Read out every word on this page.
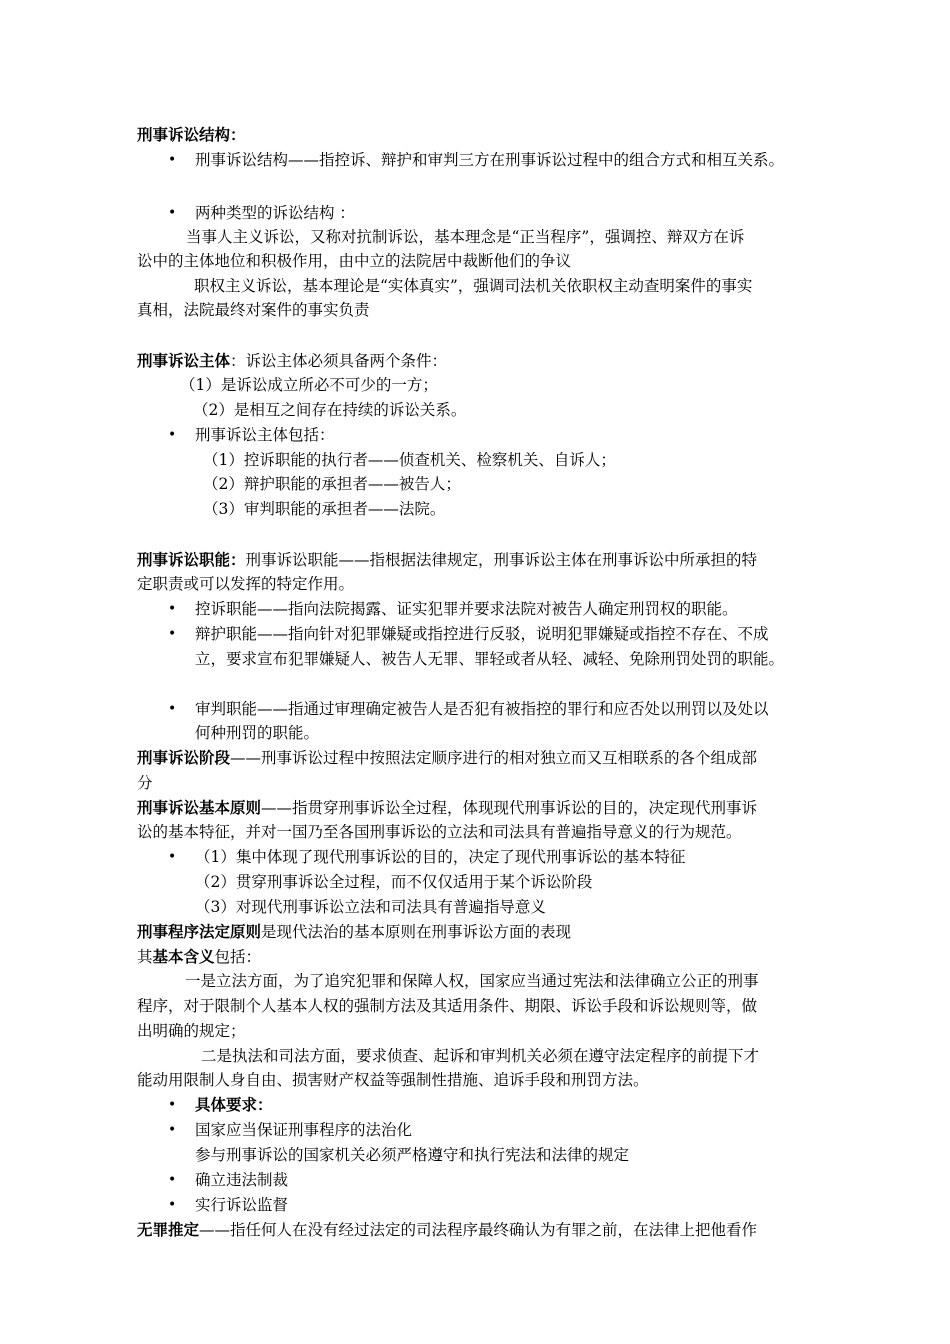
刑事诉讼结构：
• 刑事诉讼结构——指控诉、辩护和审判三方在刑事诉讼过程中的组合方式和相互关系。
• 两种类型的诉讼结构 ：
当事人主义诉讼，又称对抗制诉讼，基本理念是“正当程序”，强调控、辩双方在诉
讼中的主体地位和积极作用，由中立的法院居中裁断他们的争议
职权主义诉讼，基本理论是“实体真实”，强调司法机关依职权主动查明案件的事实
真相，法院最终对案件的事实负责
刑事诉讼主体：诉讼主体必须具备两个条件：
（1）是诉讼成立所必不可少的一方；
（2）是相互之间存在持续的诉讼关系。
• 刑事诉讼主体包括：
（1）控诉职能的执行者——侦查机关、检察机关、自诉人；
（2）辩护职能的承担者——被告人；
（3）审判职能的承担者——法院。
刑事诉讼职能：刑事诉讼职能——指根据法律规定，刑事诉讼主体在刑事诉讼中所承担的特
定职责或可以发挥的特定作用。
• 控诉职能——指向法院揭露、证实犯罪并要求法院对被告人确定刑罚权的职能。
• 辩护职能——指向针对犯罪嫌疑或指控进行反驳，说明犯罪嫌疑或指控不存在、不成
立，要求宣布犯罪嫌疑人、被告人无罪、罪轻或者从轻、减轻、免除刑罚处罚的职能。
• 审判职能——指通过审理确定被告人是否犯有被指控的罪行和应否处以刑罚以及处以
何种刑罚的职能。
刑事诉讼阶段——刑事诉讼过程中按照法定顺序进行的相对独立而又互相联系的各个组成部
分
刑事诉讼基本原则——指贯穿刑事诉讼全过程，体现现代刑事诉讼的目的，决定现代刑事诉
讼的基本特征，并对一国乃至各国刑事诉讼的立法和司法具有普遍指导意义的行为规范。
• （1）集中体现了现代刑事诉讼的目的，决定了现代刑事诉讼的基本特征
（2）贯穿刑事诉讼全过程，而不仅仅适用于某个诉讼阶段
（3）对现代刑事诉讼立法和司法具有普遍指导意义
刑事程序法定原则是现代法治的基本原则在刑事诉讼方面的表现
其基本含义包括：
一是立法方面，为了追究犯罪和保障人权，国家应当通过宪法和法律确立公正的刑事
程序，对于限制个人基本人权的强制方法及其适用条件、期限、诉讼手段和诉讼规则等，做
出明确的规定；
二是执法和司法方面，要求侦查、起诉和审判机关必须在遵守法定程序的前提下才
能动用限制人身自由、损害财产权益等强制性措施、追诉手段和刑罚方法。
• 具体要求：
• 国家应当保证刑事程序的法治化
参与刑事诉讼的国家机关必须严格遵守和执行宪法和法律的规定
• 确立违法制裁
• 实行诉讼监督
无罪推定——指任何人在没有经过法定的司法程序最终确认为有罪之前，在法律上把他看作
